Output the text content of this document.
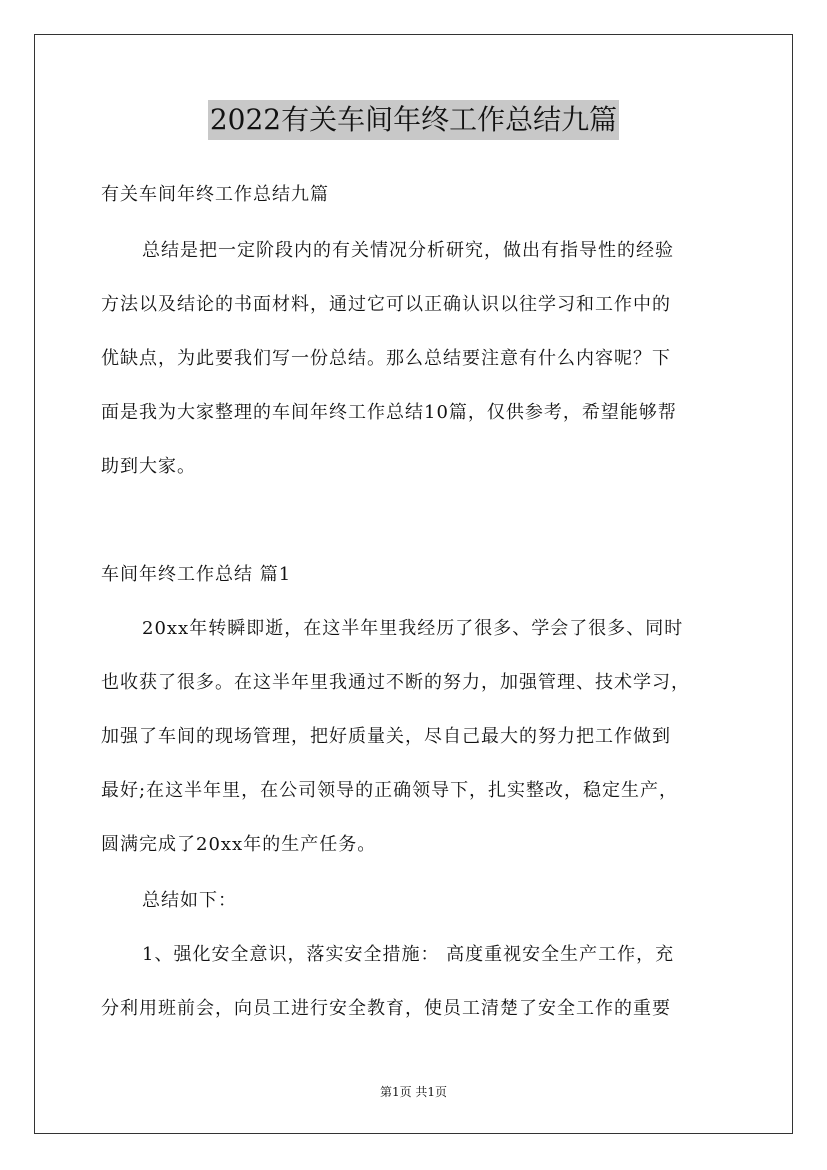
2022有关车间年终工作总结九篇
有关车间年终工作总结九篇
总结是把一定阶段内的有关情况分析研究，做出有指导性的经验
方法以及结论的书面材料，通过它可以正确认识以往学习和工作中的
优缺点，为此要我们写一份总结。那么总结要注意有什么内容呢？下
面是我为大家整理的车间年终工作总结10篇，仅供参考，希望能够帮
助到大家。
车间年终工作总结 篇1
20xx年转瞬即逝，在这半年里我经历了很多、学会了很多、同时
也收获了很多。在这半年里我通过不断的努力，加强管理、技术学习，
加强了车间的现场管理，把好质量关，尽自己最大的努力把工作做到
最好;在这半年里，在公司领导的正确领导下，扎实整改，稳定生产，
圆满完成了20xx年的生产任务。
总结如下：
1、强化安全意识，落实安全措施： 高度重视安全生产工作，充
分利用班前会，向员工进行安全教育，使员工清楚了安全工作的重要
第1页 共1页
